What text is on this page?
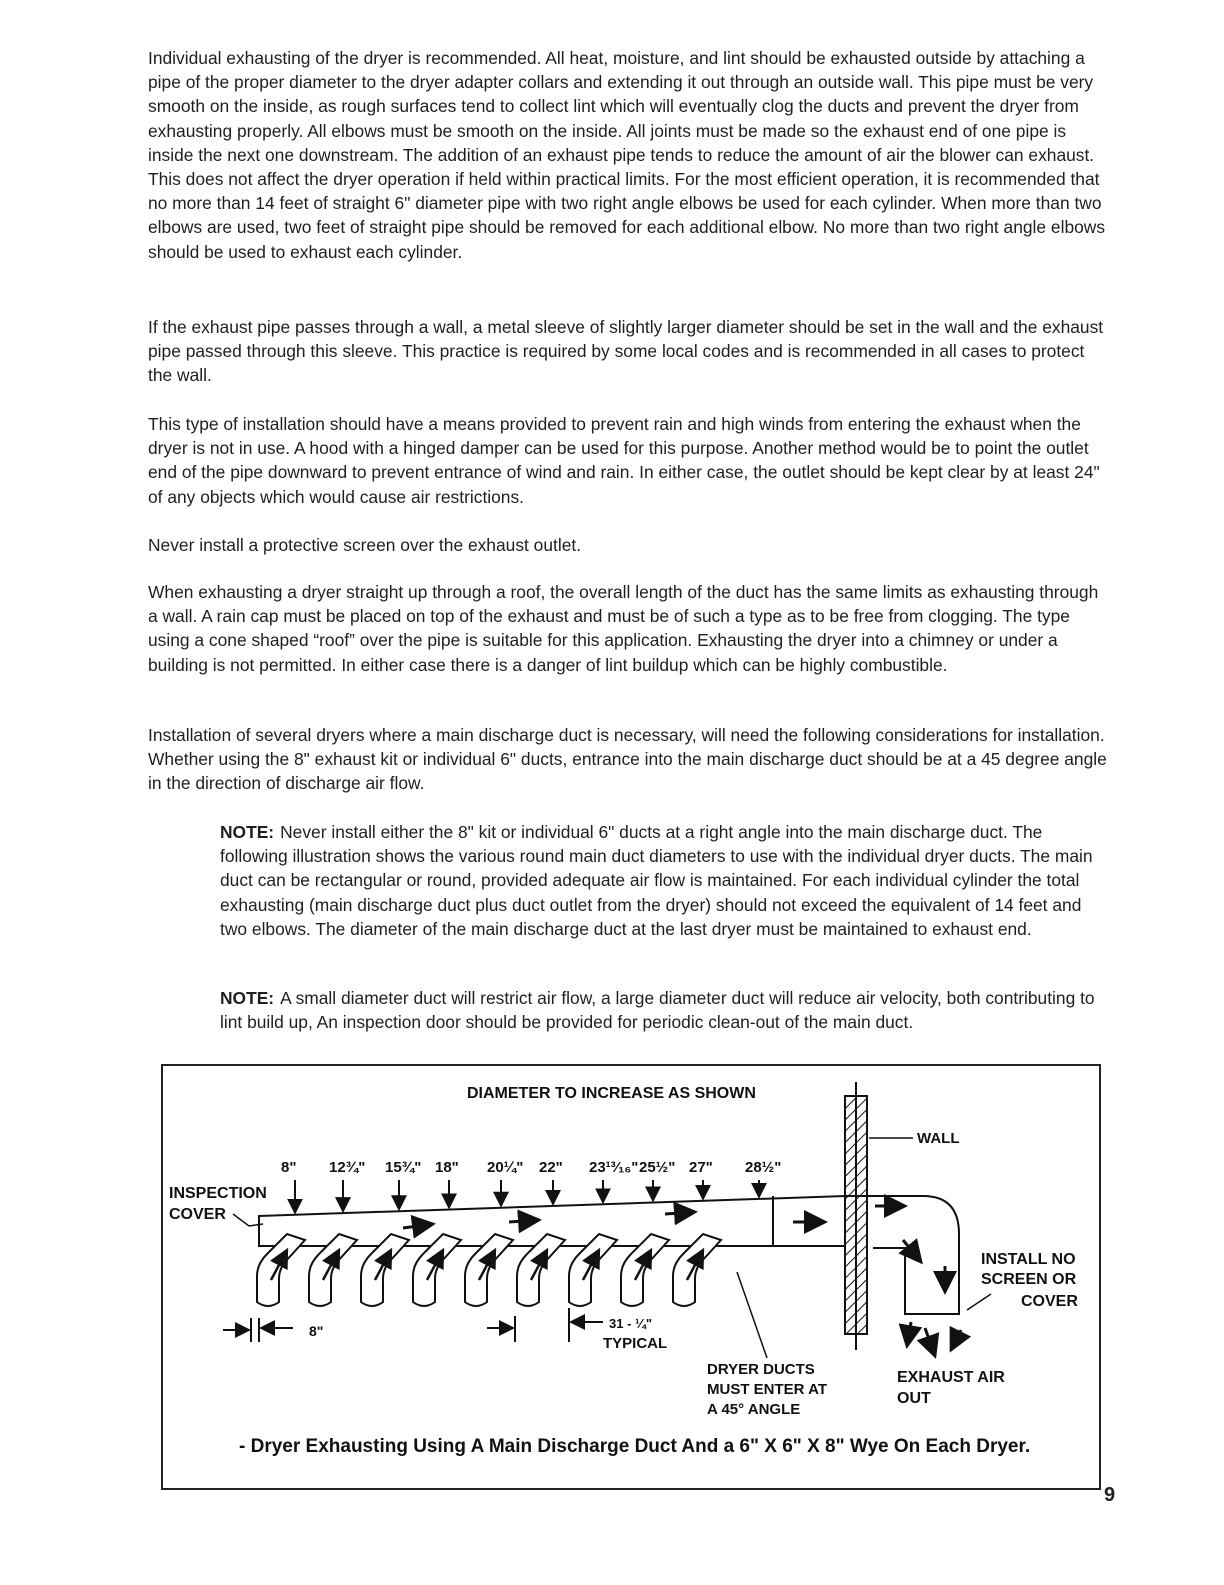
Individual exhausting of the dryer is recommended. All heat, moisture, and lint should be exhausted outside by attaching a pipe of the proper diameter to the dryer adapter collars and extending it out through an outside wall. This pipe must be very smooth on the inside, as rough surfaces tend to collect lint which will eventually clog the ducts and prevent the dryer from exhausting properly. All elbows must be smooth on the inside. All joints must be made so the exhaust end of one pipe is inside the next one downstream. The addition of an exhaust pipe tends to reduce the amount of air the blower can exhaust. This does not affect the dryer operation if held within practical limits. For the most efficient operation, it is recommended that no more than 14 feet of straight 6" diameter pipe with two right angle elbows be used for each cylinder. When more than two elbows are used, two feet of straight pipe should be removed for each additional elbow. No more than two right angle elbows should be used to exhaust each cylinder.

If the exhaust pipe passes through a wall, a metal sleeve of slightly larger diameter should be set in the wall and the exhaust pipe passed through this sleeve. This practice is required by some local codes and is recommended in all cases to protect the wall.

This type of installation should have a means provided to prevent rain and high winds from entering the exhaust when the dryer is not in use. A hood with a hinged damper can be used for this purpose. Another method would be to point the outlet end of the pipe downward to prevent entrance of wind and rain. In either case, the outlet should be kept clear by at least 24" of any objects which would cause air restrictions.

Never install a protective screen over the exhaust outlet.

When exhausting a dryer straight up through a roof, the overall length of the duct has the same limits as exhausting through a wall. A rain cap must be placed on top of the exhaust and must be of such a type as to be free from clogging. The type using a cone shaped “roof” over the pipe is suitable for this application. Exhausting the dryer into a chimney or under a building is not permitted. In either case there is a danger of lint buildup which can be highly combustible.

Installation of several dryers where a main discharge duct is necessary, will need the following considerations for installation. Whether using the 8" exhaust kit or individual 6" ducts, entrance into the main discharge duct should be at a 45 degree angle in the direction of discharge air flow.

NOTE: Never install either the 8" kit or individual 6" ducts at a right angle into the main discharge duct. The following illustration shows the various round main duct diameters to use with the individual dryer ducts. The main duct can be rectangular or round, provided adequate air flow is maintained. For each individual cylinder the total exhausting (main discharge duct plus duct outlet from the dryer) should not exceed the equivalent of 14 feet and two elbows. The diameter of the main discharge duct at the last dryer must be maintained to exhaust end.

NOTE: A small diameter duct will restrict air flow, a large diameter duct will reduce air velocity, both contributing to lint build up, An inspection door should be provided for periodic clean-out of the main duct.

DIAMETER TO INCREASE AS SHOWN
8" 12¾" 15¾" 18" 20¼" 22" 23¹³⁄₁₆" 25½" 27" 28½"
WALL
INSPECTION
COVER
INSTALL NO
SCREEN OR
COVER
EXHAUST AIR
OUT
8"	31 - ¼"
TYPICAL
DRYER DUCTS
MUST ENTER AT
A 45° ANGLE
- Dryer Exhausting Using A Main Discharge Duct And a 6" X 6" X 8" Wye On Each Dryer.
9
